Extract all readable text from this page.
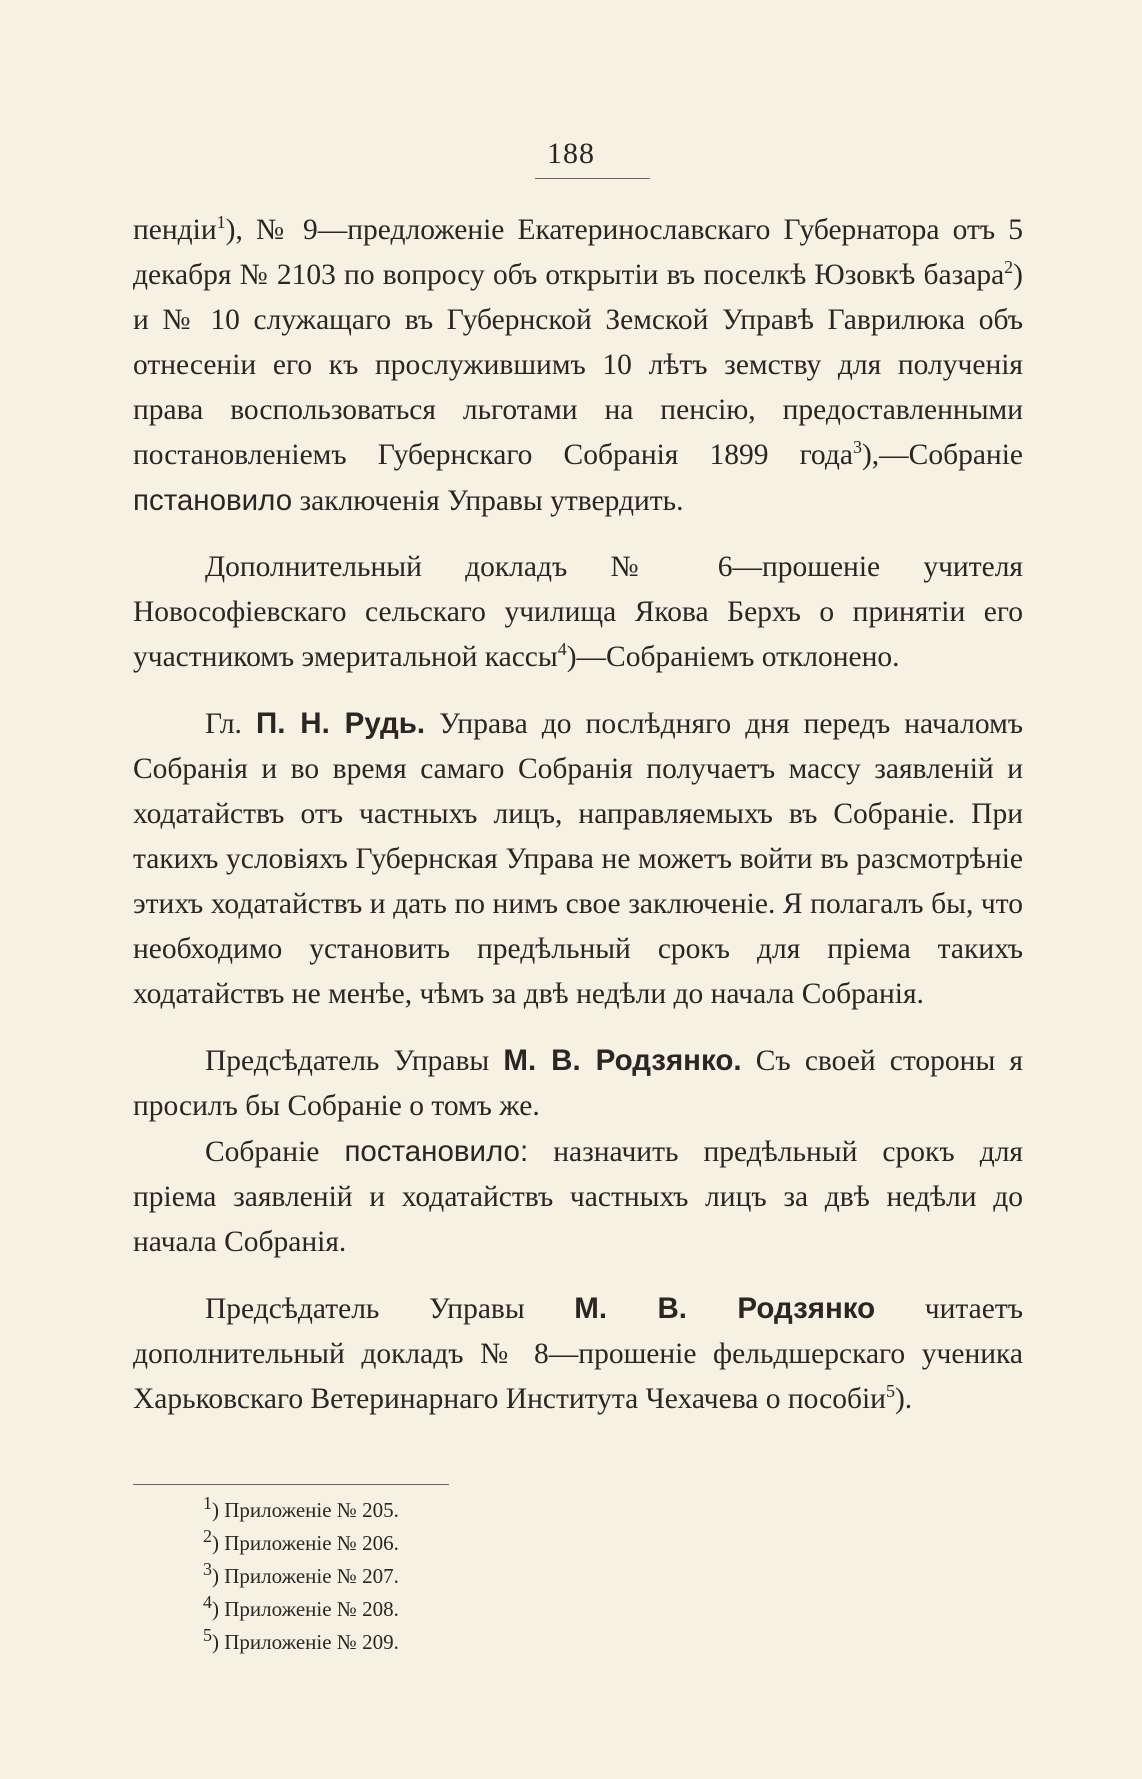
188

пендіи$^1$), № 9—предложеніе Екатеринославскаго Губернатора отъ 5 декабря № 2103 по вопросу объ открытіи въ поселкѣ Юзовкѣ базара$^2$) и № 10 служащаго въ Губернской Земской Управѣ Гаврилюка объ отнесеніи его къ прослужившимъ 10 лѣтъ земству для полученія права воспользоваться льготами на пенсію, предоставленными постановленіемъ Губернскаго Собранія 1899 года$^3$),—Собраніе пстановило заключенія Управы утвердить.

Дополнительный докладъ № 6—прошеніе учителя Новософіевскаго сельскаго училища Якова Берхъ о принятіи его участникомъ эмеритальной кассы$^4$)—Собраніемъ отклонено.

Гл. П. Н. Рудь. Управа до послѣдняго дня передъ началомъ Собранія и во время самаго Собранія получаетъ массу заявленій и ходатайствъ отъ частныхъ лицъ, направляемыхъ въ Собраніе. При такихъ условіяхъ Губернская Управа не можетъ войти въ разсмотрѣніе этихъ ходатайствъ и дать по нимъ свое заключеніе. Я полагалъ бы, что необходимо установить предѣльный срокъ для пріема такихъ ходатайствъ не менѣе, чѣмъ за двѣ недѣли до начала Собранія.

Предсѣдатель Управы М. В. Родзянко. Съ своей стороны я просилъ бы Собраніе о томъ же.

Собраніе постановило: назначить предѣльный срокъ для пріема заявленій и ходатайствъ частныхъ лицъ за двѣ недѣли до начала Собранія.

Предсѣдатель Управы М. В. Родзянко читаетъ дополнительный докладъ № 8—прошеніе фельдшерскаго ученика Харьковскаго Ветеринарнаго Института Чехачева о пособіи$^5$).

$^1$) Приложеніе № 205.
$^2$) Приложеніе № 206.
$^3$) Приложеніе № 207.
$^4$) Приложеніе № 208.
$^5$) Приложеніе № 209.
